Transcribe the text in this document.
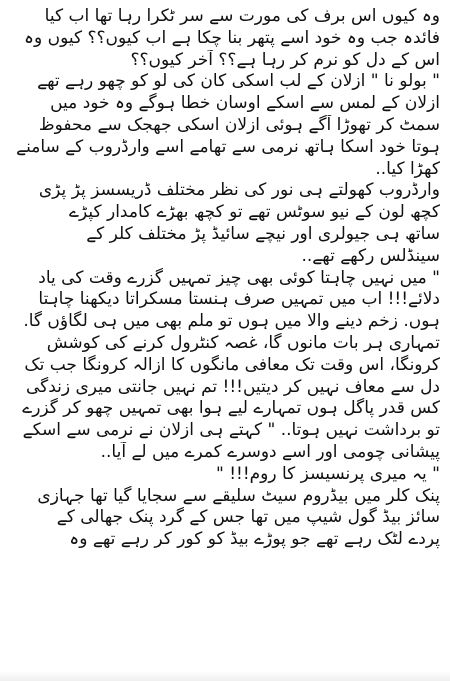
وہ کیوں اس برف کی مورت سے سر ٹکرا رہا تھا اب کیا
فائدہ جب وہ خود اسے پتھر بنا چکا ہے اب کیوں؟؟ کیوں وہ
اس کے دل کو نرم کر رہا ہے؟؟ آخر کیوں؟؟
" بولو نا " ازلان کے لب اسکی کان کی لو کو چھو رہے تھے
ازلان کے لمس سے اسکے اوسان خطا ہوگے وہ خود میں
سمٹ کر تھوڑا آگے ہوئی ازلان اسکی جھجک سے محفوظ
ہوتا خود اسکا ہاتھ نرمی سے تھامے اسے وارڈروب کے سامنے
کھڑا کیا..
وارڈروب کھولتے ہی نور کی نظر مختلف ڈریسسز پڑ پڑی
کچھ لون کے نیو سوٹس تھے تو کچھ بھڑے کامدار کپڑے
ساتھ ہی جیولری اور نیچے سائیڈ پڑ مختلف کلر کے
سینڈلس رکھے تھے..
" میں نہیں چاہتا کوئی بھی چیز تمہیں گزرے وقت کی یاد
دلائے!!! اب میں تمہیں صرف ہنستا مسکراتا دیکھنا چاہتا
ہوں. زخم دینے والا میں ہوں تو ملم بھی میں ہی لگاؤں گا.
تمہاری ہر بات مانوں گا، غصہ کنٹرول کرنے کی کوشش
کرونگا، اس وقت تک معافی مانگوں کا ازالہ کرونگا جب تک
دل سے معاف نہیں کر دیتیں!!! تم نہیں جانتی میری زندگی
کس قدر پاگل ہوں تمہارے لیے ہوا بھی تمہیں چھو کر گزرے
تو برداشت نہیں ہوتا.. " کہتے ہی ازلان نے نرمی سے اسکے
پیشانی چومی اور اسے دوسرے کمرے میں لے آیا..
" یہ میری پرنسیسز کا روم!!! "
پنک کلر میں بیڈروم سیٹ سلیقے سے سجایا گیا تھا جہازی
سائز بیڈ گول شیپ میں تھا جس کے گرد پنک جھالی کے
پردے لٹک رہے تھے جو پوڑے بیڈ کو کور کر رہے تھے وہ
